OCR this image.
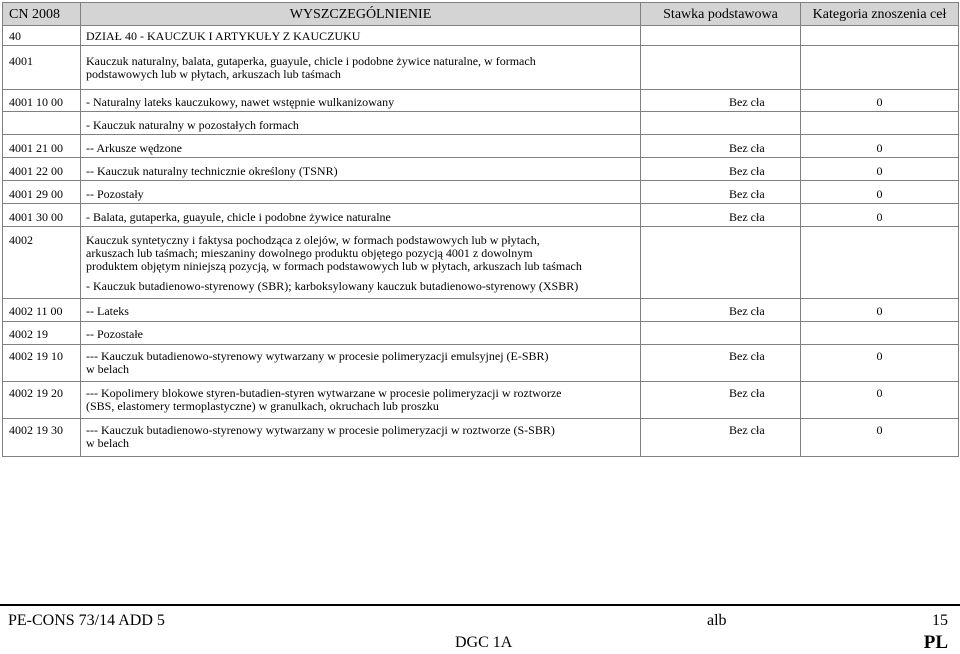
CN 2008	WYSZCZEGÓLNIENIE	Stawka podstawowa	Kategoria znoszenia ceł
40	DZIAŁ 40 - KAUCZUK I ARTYKUŁY Z KAUCZUKU		
4001	Kauczuk naturalny, balata, gutaperka, guayule, chicle i podobne żywice naturalne, w formach
podstawowych lub w płytach, arkuszach lub taśmach		
4001 10 00	- Naturalny lateks kauczukowy, nawet wstępnie wulkanizowany	Bez cła	0
	- Kauczuk naturalny w pozostałych formach		
4001 21 00	-- Arkusze wędzone	Bez cła	0
4001 22 00	-- Kauczuk naturalny technicznie określony (TSNR)	Bez cła	0
4001 29 00	-- Pozostały	Bez cła	0
4001 30 00	- Balata, gutaperka, guayule, chicle i podobne żywice naturalne	Bez cła	0
4002	Kauczuk syntetyczny i faktysa pochodząca z olejów, w formach podstawowych lub w płytach,
arkuszach lub taśmach; mieszaniny dowolnego produktu objętego pozycją 4001 z dowolnym
produktem objętym niniejszą pozycją, w formach podstawowych lub w płytach, arkuszach lub taśmach		
	- Kauczuk butadienowo-styrenowy (SBR); karboksylowany kauczuk butadienowo-styrenowy (XSBR)		
4002 11 00	-- Lateks	Bez cła	0
4002 19	-- Pozostałe		
4002 19 10	--- Kauczuk butadienowo-styrenowy wytwarzany w procesie polimeryzacji emulsyjnej (E-SBR)
w belach	Bez cła	0
4002 19 20	--- Kopolimery blokowe styren-butadien-styren wytwarzane w procesie polimeryzacji w roztworze
(SBS, elastomery termoplastyczne) w granulkach, okruchach lub proszku	Bez cła	0
4002 19 30	--- Kauczuk butadienowo-styrenowy wytwarzany w procesie polimeryzacji w roztworze (S-SBR)
w belach	Bez cła	0
PE-CONS 73/14 ADD 5	alb	15
DGC 1A	PL
